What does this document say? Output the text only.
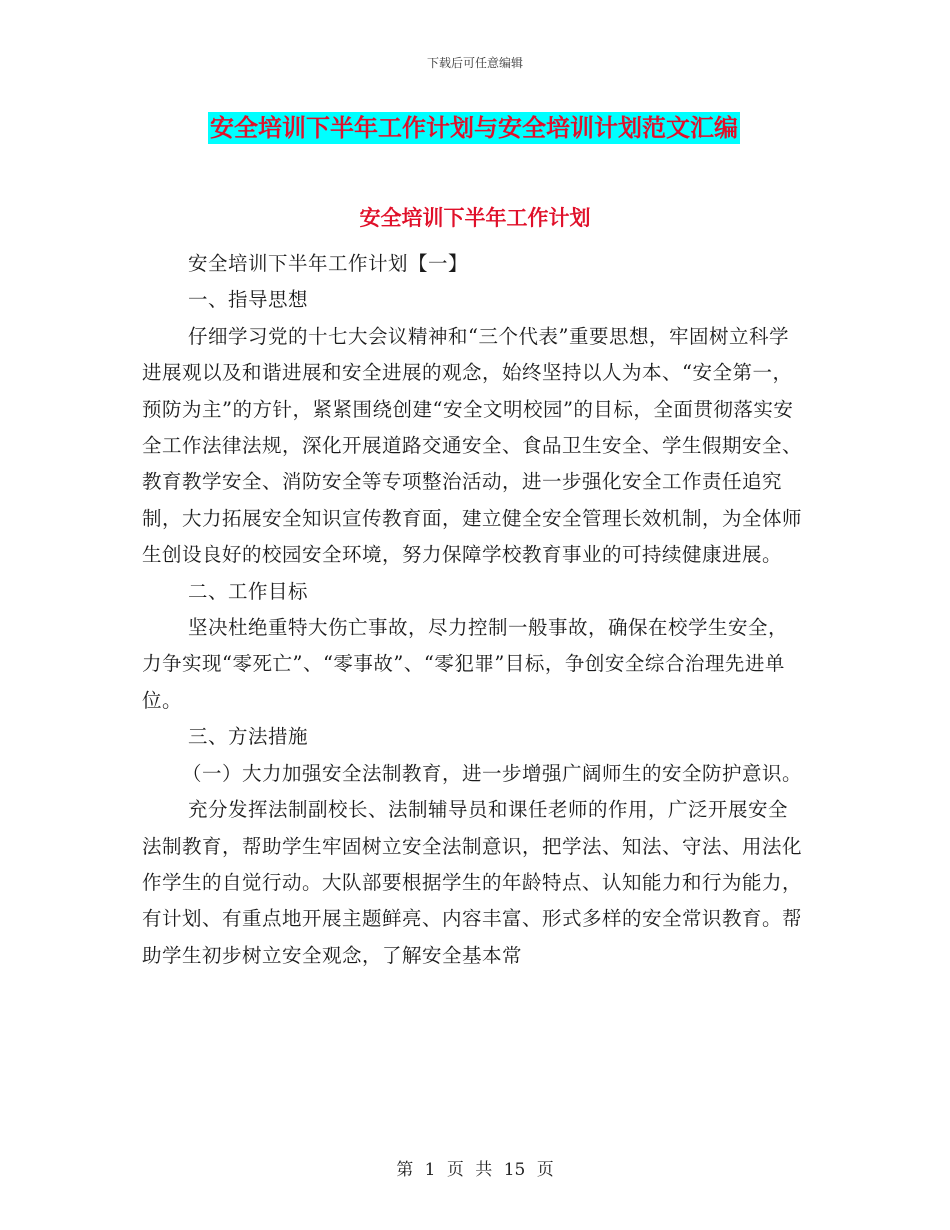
下载后可任意编辑
安全培训下半年工作计划与安全培训计划范文汇编
安全培训下半年工作计划

安全培训下半年工作计划【一】

一、指导思想

仔细学习党的十七大会议精神和“三个代表”重要思想，牢固树立科学进展观以及和谐进展和安全进展的观念，始终坚持以人为本、“安全第一，预防为主”的方针，紧紧围绕创建“安全文明校园”的目标，全面贯彻落实安全工作法律法规，深化开展道路交通安全、食品卫生安全、学生假期安全、教育教学安全、消防安全等专项整治活动，进一步强化安全工作责任追究制，大力拓展安全知识宣传教育面，建立健全安全管理长效机制，为全体师生创设良好的校园安全环境，努力保障学校教育事业的可持续健康进展。

二、工作目标

坚决杜绝重特大伤亡事故，尽力控制一般事故，确保在校学生安全，力争实现“零死亡”、“零事故”、“零犯罪”目标，争创安全综合治理先进单位。

三、方法措施

（一）大力加强安全法制教育，进一步增强广阔师生的安全防护意识。

充分发挥法制副校长、法制辅导员和课任老师的作用，广泛开展安全法制教育，帮助学生牢固树立安全法制意识，把学法、知法、守法、用法化作学生的自觉行动。大队部要根据学生的年龄特点、认知能力和行为能力，有计划、有重点地开展主题鲜亮、内容丰富、形式多样的安全常识教育。帮助学生初步树立安全观念，了解安全基本常

第 1 页 共 15 页
